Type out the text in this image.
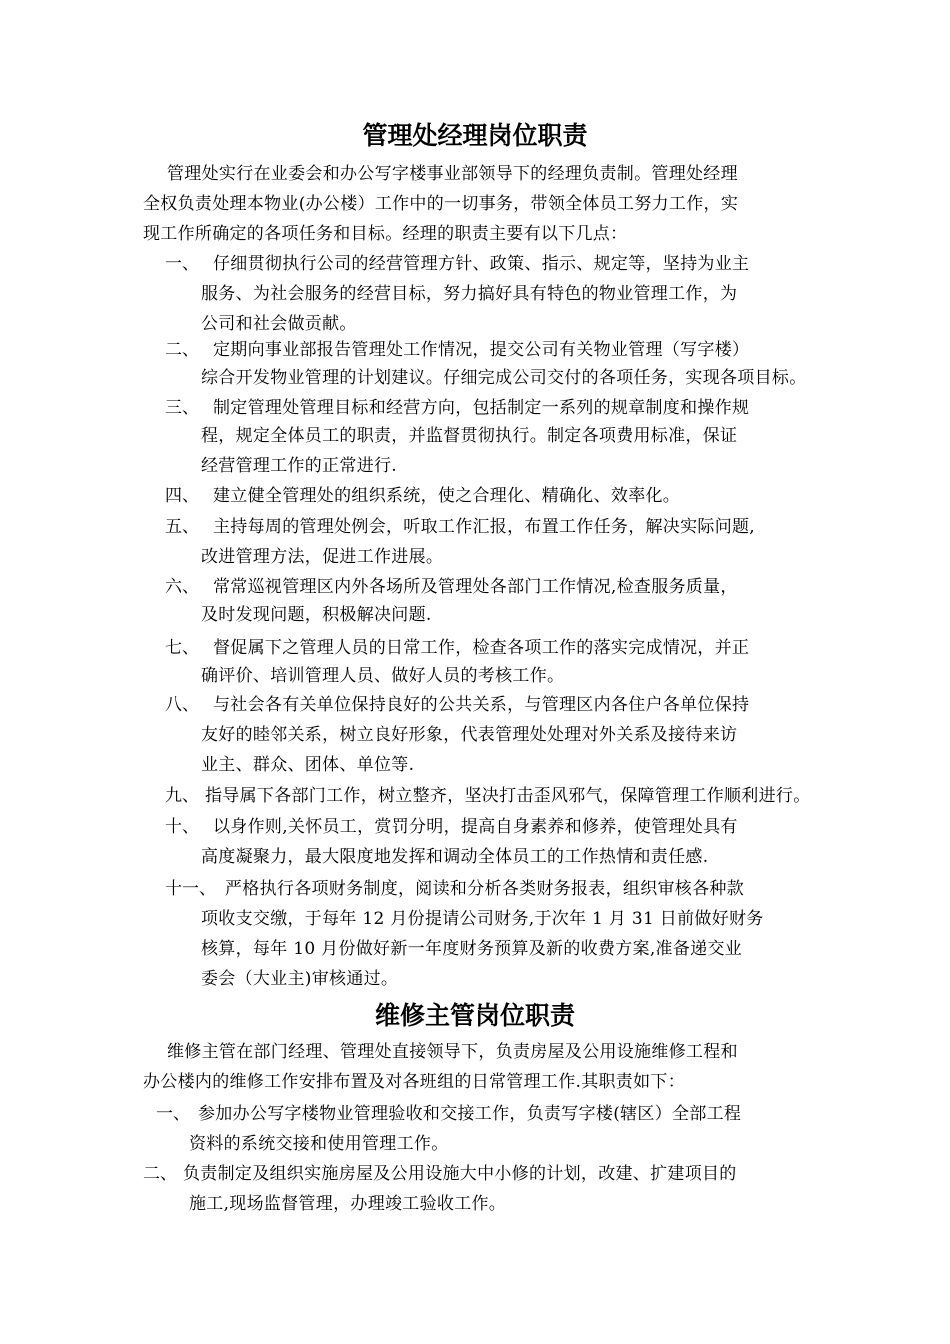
管理处经理岗位职责
管理处实行在业委会和办公写字楼事业部领导下的经理负责制。管理处经理
全权负责处理本物业(办公楼）工作中的一切事务，带领全体员工努力工作，实
现工作所确定的各项任务和目标。经理的职责主要有以下几点：
一、 仔细贯彻执行公司的经营管理方针、政策、指示、规定等，坚持为业主
服务、为社会服务的经营目标，努力搞好具有特色的物业管理工作，为
公司和社会做贡献。
二、 定期向事业部报告管理处工作情况，提交公司有关物业管理（写字楼）
综合开发物业管理的计划建议。仔细完成公司交付的各项任务，实现各项目标。
三、 制定管理处管理目标和经营方向，包括制定一系列的规章制度和操作规
程，规定全体员工的职责，并监督贯彻执行。制定各项费用标准，保证
经营管理工作的正常进行.
四、 建立健全管理处的组织系统，使之合理化、精确化、效率化。
五、 主持每周的管理处例会，听取工作汇报，布置工作任务，解决实际问题,
改进管理方法，促进工作进展。
六、 常常巡视管理区内外各场所及管理处各部门工作情况,检查服务质量，
及时发现问题，积极解决问题.
七、 督促属下之管理人员的日常工作，检查各项工作的落实完成情况，并正
确评价、培训管理人员、做好人员的考核工作。
八、 与社会各有关单位保持良好的公共关系，与管理区内各住户各单位保持
友好的睦邻关系，树立良好形象，代表管理处处理对外关系及接待来访
业主、群众、团体、单位等.
九、 指导属下各部门工作，树立整齐，坚决打击歪风邪气，保障管理工作顺利进行。
十、 以身作则,关怀员工，赏罚分明，提高自身素养和修养，使管理处具有
高度凝聚力，最大限度地发挥和调动全体员工的工作热情和责任感.
十一、 严格执行各项财务制度，阅读和分析各类财务报表，组织审核各种款
项收支交缴，于每年 12 月份提请公司财务,于次年 1 月 31 日前做好财务
核算，每年 10 月份做好新一年度财务预算及新的收费方案,准备递交业
委会（大业主)审核通过。
维修主管岗位职责
维修主管在部门经理、管理处直接领导下，负责房屋及公用设施维修工程和
办公楼内的维修工作安排布置及对各班组的日常管理工作.其职责如下：
一、 参加办公写字楼物业管理验收和交接工作，负责写字楼(辖区）全部工程
资料的系统交接和使用管理工作。
二、 负责制定及组织实施房屋及公用设施大中小修的计划，改建、扩建项目的
施工,现场监督管理，办理竣工验收工作。
